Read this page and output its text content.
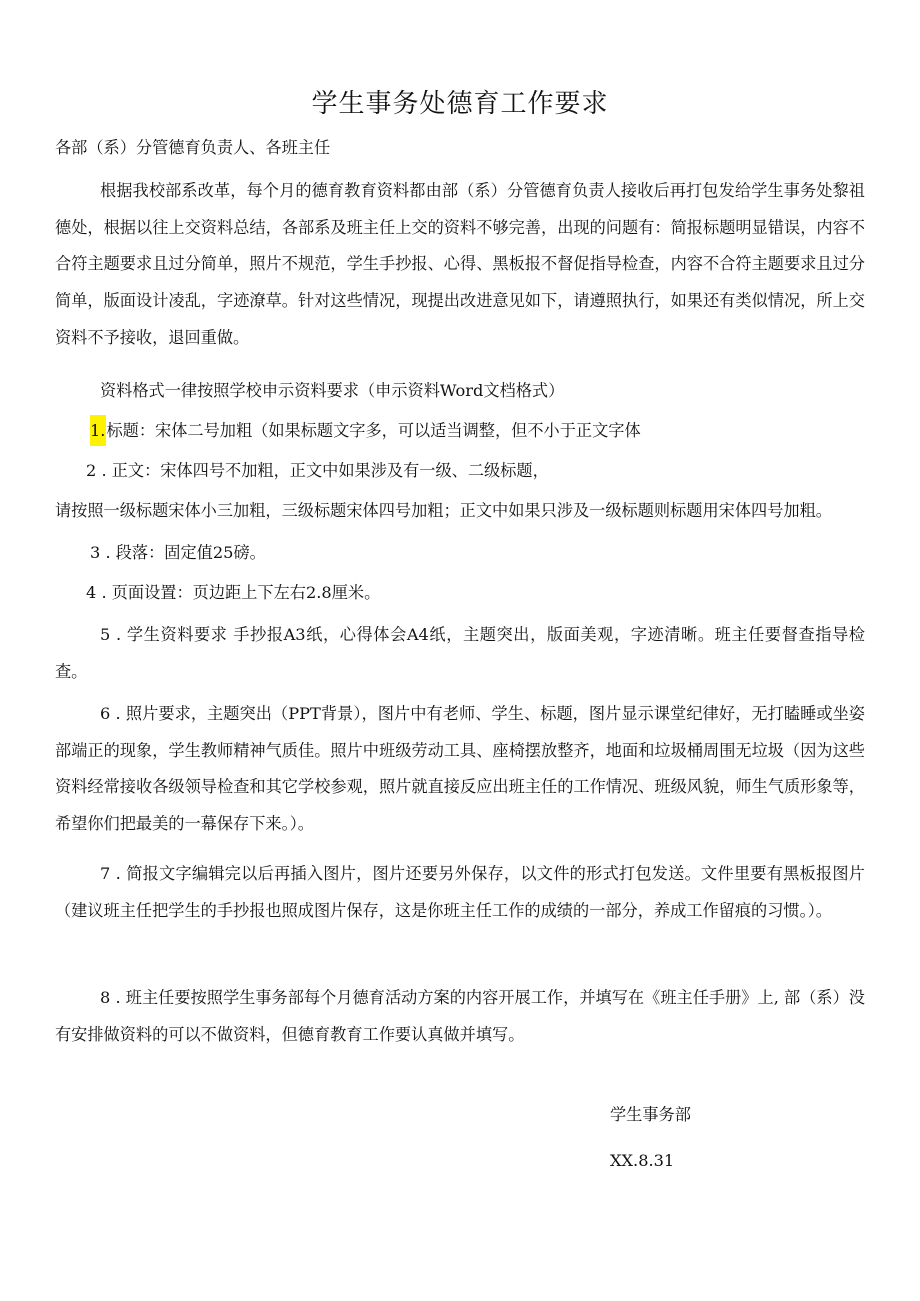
学生事务处德育工作要求
各部（系）分管德育负责人、各班主任
根据我校部系改革，每个月的德育教育资料都由部（系）分管德育负责人接收后再打包发给学生事务处黎祖德处，根据以往上交资料总结，各部系及班主任上交的资料不够完善，出现的问题有：简报标题明显错误，内容不合符主题要求且过分简单，照片不规范，学生手抄报、心得、黑板报不督促指导检查，内容不合符主题要求且过分简单，版面设计凌乱，字迹潦草。针对这些情况，现提出改进意见如下，请遵照执行，如果还有类似情况，所上交资料不予接收，退回重做。
资料格式一律按照学校申示资料要求（申示资料Word文档格式）
1.标题：宋体二号加粗（如果标题文字多，可以适当调整，但不小于正文字体
2 . 正文：宋体四号不加粗，正文中如果涉及有一级、二级标题，
请按照一级标题宋体小三加粗，三级标题宋体四号加粗；正文中如果只涉及一级标题则标题用宋体四号加粗。
3 . 段落：固定值25磅。
4 . 页面设置：页边距上下左右2.8厘米。
5 . 学生资料要求 手抄报A3纸，心得体会A4纸，主题突出，版面美观，字迹清晰。班主任要督查指导检查。
6 . 照片要求，主题突出（PPT背景），图片中有老师、学生、标题，图片显示课堂纪律好，无打瞌睡或坐姿部端正的现象，学生教师精神气质佳。照片中班级劳动工具、座椅摆放整齐，地面和垃圾桶周围无垃圾（因为这些资料经常接收各级领导检查和其它学校参观，照片就直接反应出班主任的工作情况、班级风貌，师生气质形象等，希望你们把最美的一幕保存下来。）。
7 . 简报文字编辑完以后再插入图片，图片还要另外保存，以文件的形式打包发送。文件里要有黑板报图片（建议班主任把学生的手抄报也照成图片保存，这是你班主任工作的成绩的一部分，养成工作留痕的习惯。）。
8 . 班主任要按照学生事务部每个月德育活动方案的内容开展工作，并填写在《班主任手册》上, 部（系）没有安排做资料的可以不做资料，但德育教育工作要认真做并填写。
学生事务部
XX.8.31
